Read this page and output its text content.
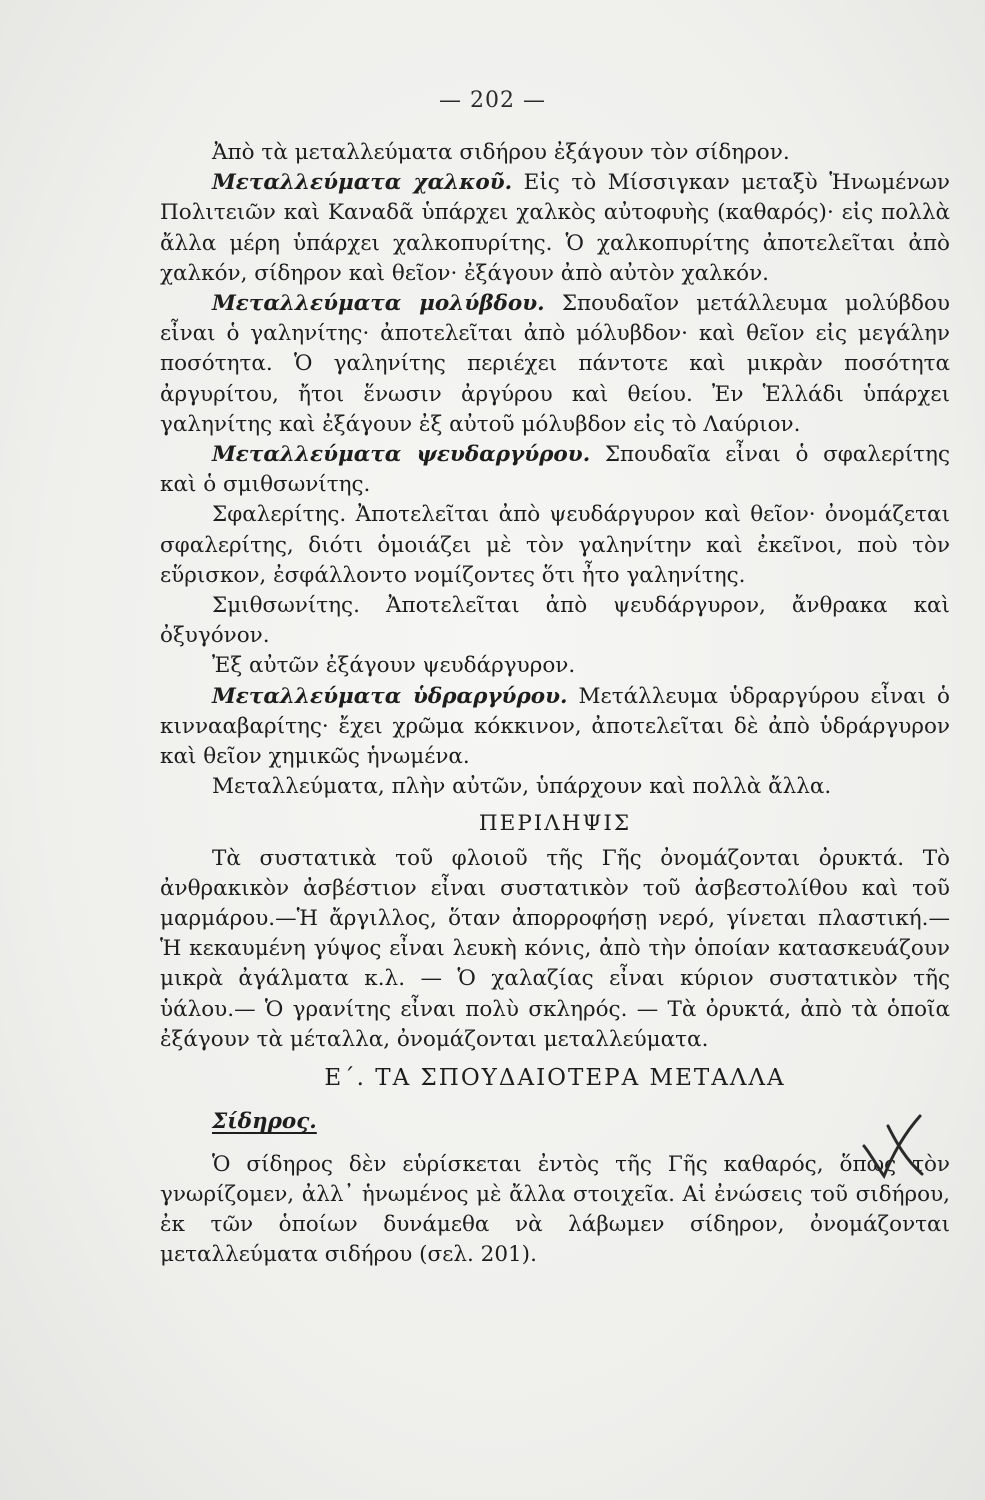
— 202 —

Ἀπὸ τὰ μεταλλεύματα σιδήρου ἐξάγουν τὸν σίδηρον.

Μεταλλεύματα χαλκοῦ. Εἰς τὸ Μίσσιγκαν μεταξὺ Ἡνωμένων Πολιτειῶν καὶ Καναδᾶ ὑπάρχει χαλκὸς αὐτοφυὴς (καθαρός)· εἰς πολλὰ ἄλλα μέρη ὑπάρχει χαλκοπυρίτης. Ὁ χαλκοπυρίτης ἀποτελεῖται ἀπὸ χαλκόν, σίδηρον καὶ θεῖον· ἐξάγουν ἀπὸ αὐτὸν χαλκόν.

Μεταλλεύματα μολύβδου. Σπουδαῖον μετάλλευμα μολύβδου εἶναι ὁ γαληνίτης· ἀποτελεῖται ἀπὸ μόλυβδον· καὶ θεῖον εἰς μεγάλην ποσότητα. Ὁ γαληνίτης περιέχει πάντοτε καὶ μικρὰν ποσότητα ἀργυρίτου, ἤτοι ἕνωσιν ἀργύρου καὶ θείου. Ἐν Ἑλλάδι ὑπάρχει γαληνίτης καὶ ἐξάγουν ἐξ αὐτοῦ μόλυβδον εἰς τὸ Λαύριον.

Μεταλλεύματα ψευδαργύρου. Σπουδαῖα εἶναι ὁ σφαλερίτης καὶ ὁ σμιθσωνίτης.

Σφαλερίτης. Ἀποτελεῖται ἀπὸ ψευδάργυρον καὶ θεῖον· ὀνομάζεται σφαλερίτης, διότι ὁμοιάζει μὲ τὸν γαληνίτην καὶ ἐκεῖνοι, ποὺ τὸν εὕρισκον, ἐσφάλλοντο νομίζοντες ὅτι ἦτο γαληνίτης.

Σμιθσωνίτης. Ἀποτελεῖται ἀπὸ ψευδάργυρον, ἄνθρακα καὶ ὀξυγόνον.

Ἐξ αὐτῶν ἐξάγουν ψευδάργυρον.

Μεταλλεύματα ὑδραργύρου. Μετάλλευμα ὑδραργύρου εἶναι ὁ κιννααβαρίτης· ἔχει χρῶμα κόκκινον, ἀποτελεῖται δὲ ἀπὸ ὑδράργυρον καὶ θεῖον χημικῶς ἡνωμένα.

Μεταλλεύματα, πλὴν αὐτῶν, ὑπάρχουν καὶ πολλὰ ἄλλα.

ΠΕΡΙΛΗΨΙΣ

Τὰ συστατικὰ τοῦ φλοιοῦ τῆς Γῆς ὀνομάζονται ὀρυκτά. Τὸ ἀνθρακικὸν ἀσβέστιον εἶναι συστατικὸν τοῦ ἀσβεστολίθου καὶ τοῦ μαρμάρου.—Ἡ ἄργιλλος, ὅταν ἀπορροφήσῃ νερό, γίνεται πλαστική.— Ἡ κεκαυμένη γύψος εἶναι λευκὴ κόνις, ἀπὸ τὴν ὁποίαν κατασκευάζουν μικρὰ ἀγάλματα κ.λ. — Ὁ χαλαζίας εἶναι κύριον συστατικὸν τῆς ὑάλου.— Ὁ γρανίτης εἶναι πολὺ σκληρός. — Τὰ ὀρυκτά, ἀπὸ τὰ ὁποῖα ἐξάγουν τὰ μέταλλα, ὀνομάζονται μεταλλεύματα.

Ε΄. ΤΑ ΣΠΟΥΔΑΙΟΤΕΡΑ ΜΕΤΑΛΛΑ

Σίδηρος.

Ὁ σίδηρος δὲν εὑρίσκεται ἐντὸς τῆς Γῆς καθαρός, ὅπως τὸν γνωρίζομεν, ἀλλ᾽ ἡνωμένος μὲ ἄλλα στοιχεῖα. Αἱ ἐνώσεις τοῦ σιδήρου, ἐκ τῶν ὁποίων δυνάμεθα νὰ λάβωμεν σίδηρον, ὀνομάζονται μεταλλεύματα σιδήρου (σελ. 201).
